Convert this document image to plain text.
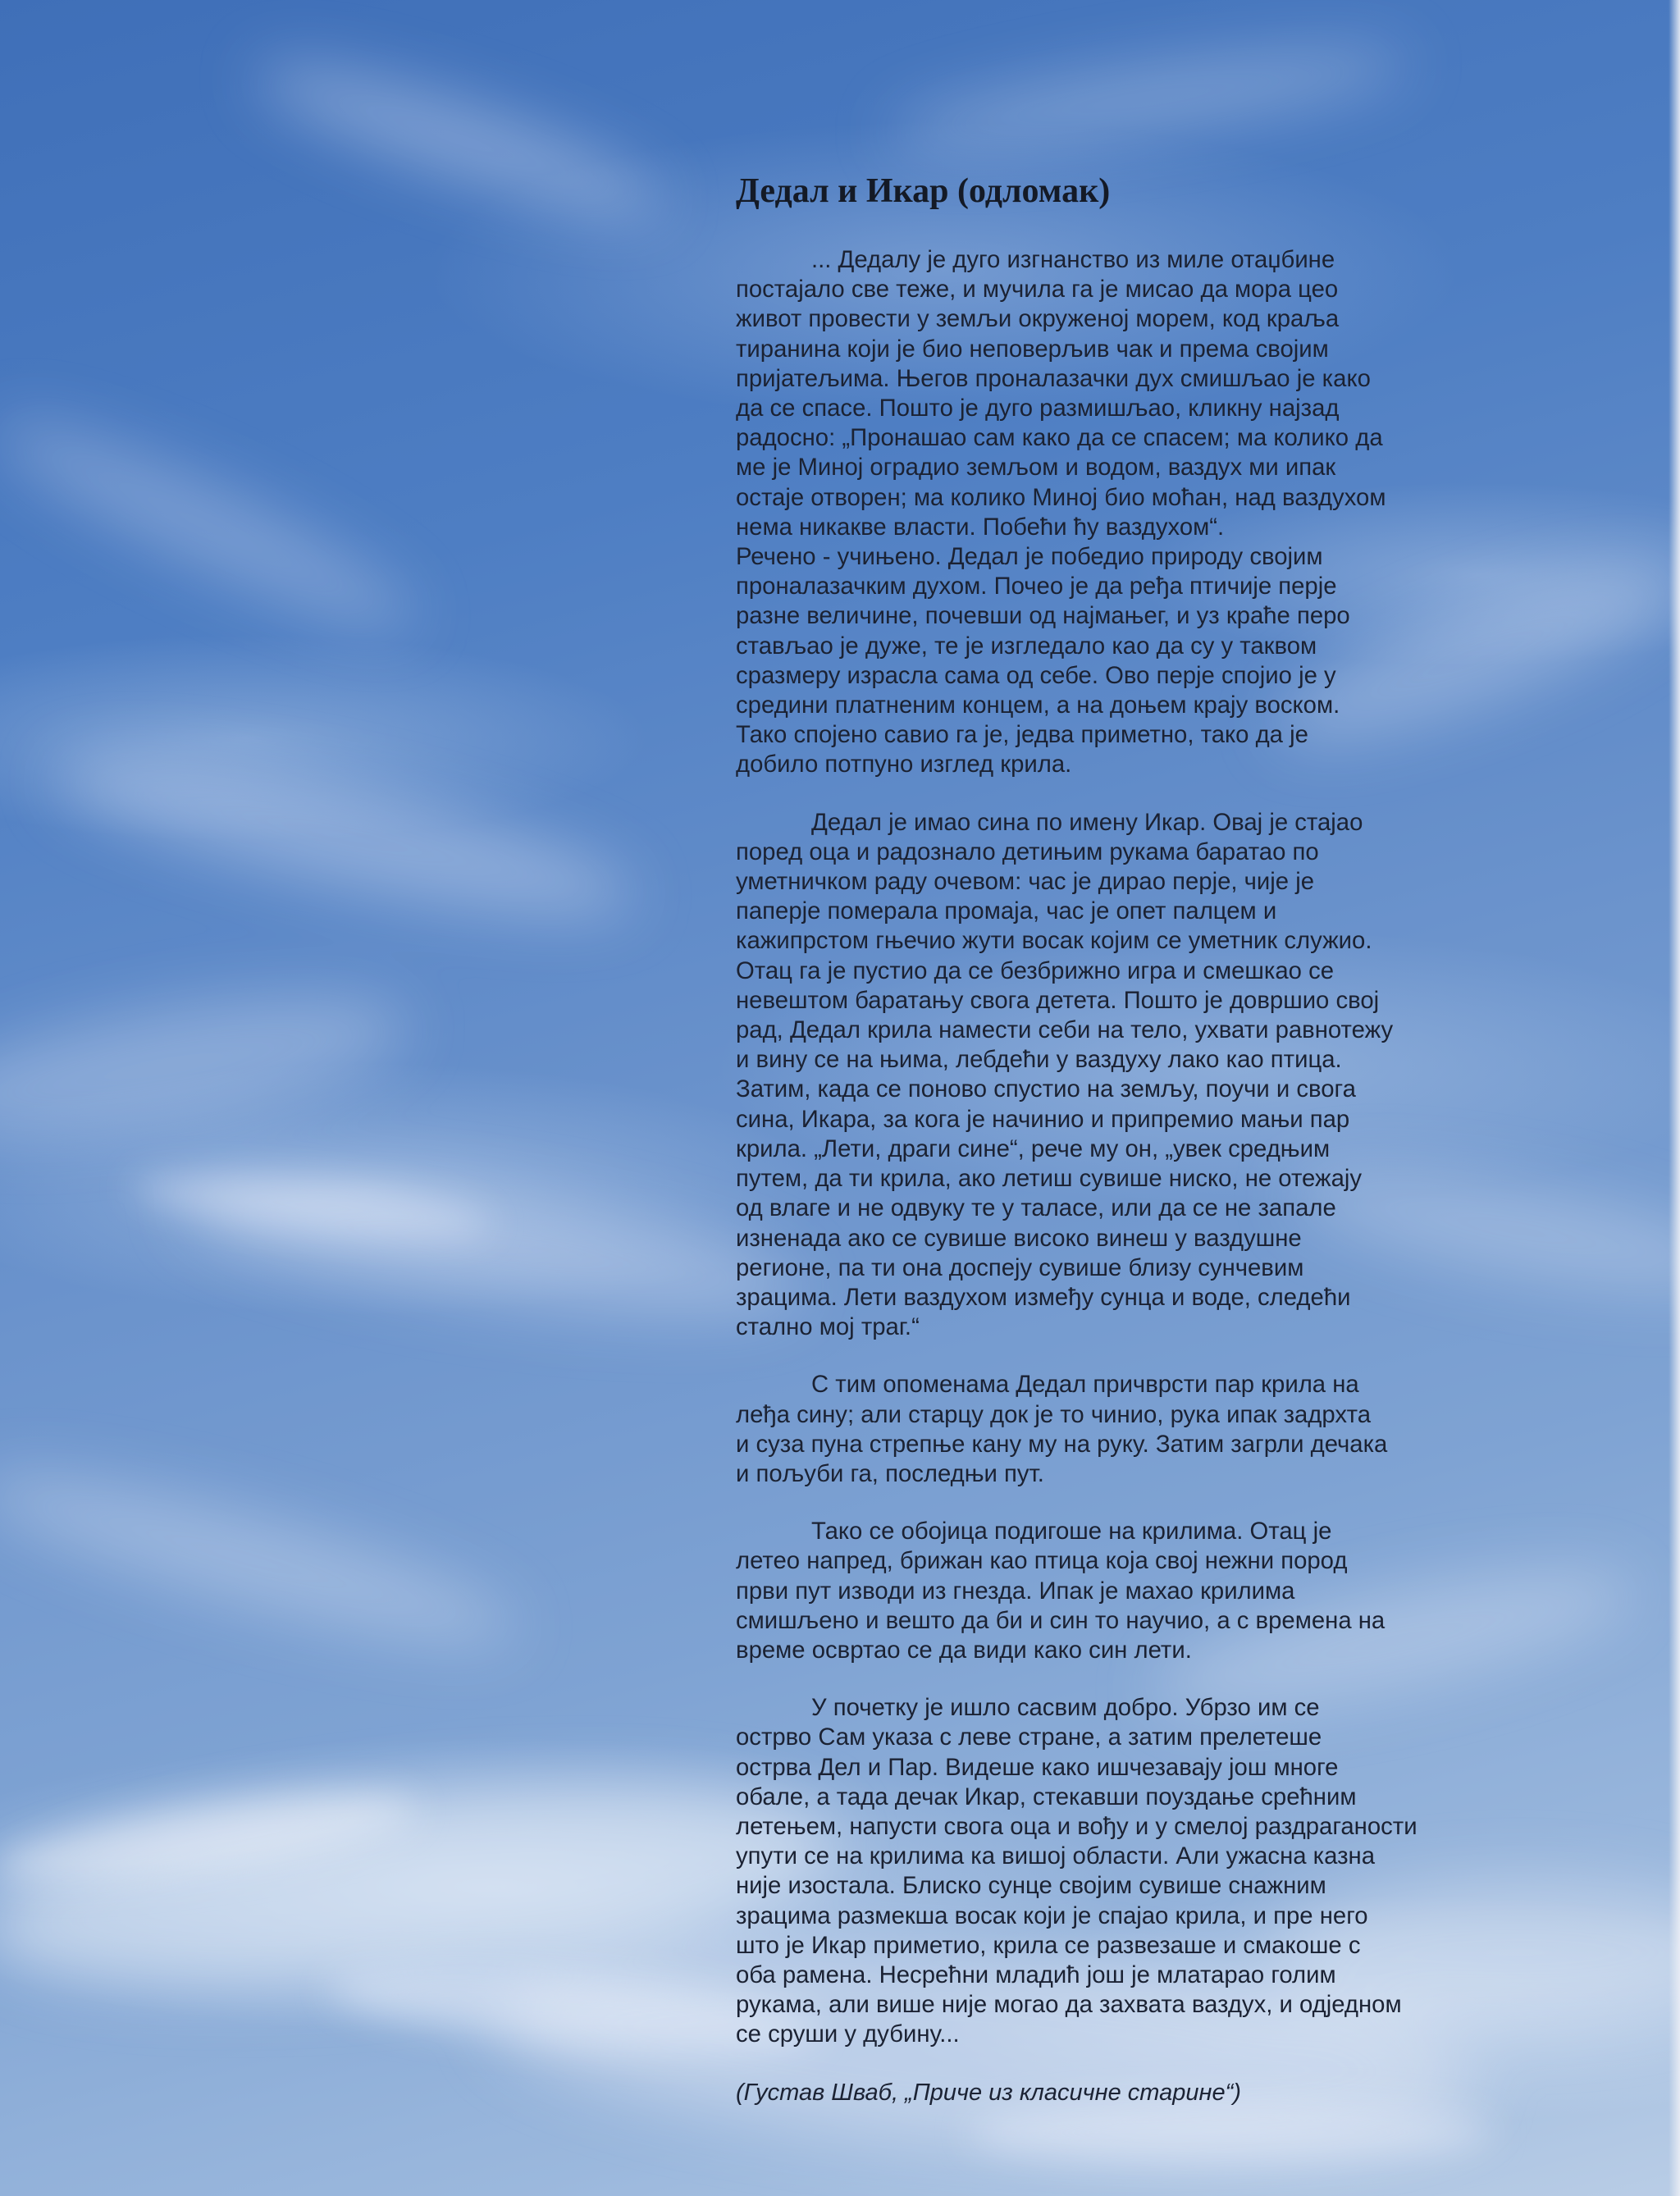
Дедал и Икар (одломак)

... Дедалу је дуго изгнанство из миле отаџбине
постајало све теже, и мучила га је мисао да мора цео
живот провести у земљи окруженој морем, код краља
тиранина који је био неповерљив чак и према својим
пријатељима. Његов проналазачки дух смишљао је како
да се спасе. Пошто је дуго размишљао, кликну најзад
радосно: „Пронашао сам како да се спасем; ма колико да
ме је Минoj оградио земљом и водом, ваздух ми ипак
остаје отворен; ма колико Минoj био моћан, над ваздухом
нема никакве власти. Побећи ћу ваздухом“.

Речено - учињено. Дедал је победио природу својим
проналазачким духом. Почео је да ређа птичије перје
разне величине, почевши од најмањег, и уз краће перо
стављао је дуже, те је изгледало као да су у таквом
сразмеру израсла сама од себе. Ово перје спојио је у
средини платненим концем, а на доњем крају воском.
Тако спојено савио га је, једва приметно, тако да је
добило потпуно изглед крила.

Дедал је имао сина по имену Икар. Овај је стајао
поред оца и радознало детињим рукама баратао по
уметничком раду очевом: час је дирао перје, чије је
паперје померала промаја, час је опет палцем и
кажипрстом гњечио жути восак којим се уметник служио.
Отац га је пустио да се безбрижно игра и смешкао се
невештом баратању свога детета. Пошто је довршио свој
рад, Дедал крила намести себи на тело, ухвати равнотежу
и вину се на њима, лебдећи у ваздуху лако као птица.
Затим, када се поново спустио на земљу, поучи и свога
сина, Икара, за кога је начинио и припремио мањи пар
крила. „Лети, драги сине“, рече му он, „увек средњим
путем, да ти крила, ако летиш сувише ниско, не отежају
од влаге и не одвуку те у таласе, или да се не запале
изненада ако се сувише високо винеш у ваздушне
регионе, па ти она доспеју сувише близу сунчевим
зрацима. Лети ваздухом између сунца и воде, следећи
стално мој траг.“

С тим опоменама Дедал причврсти пар крила на
леђа сину; али старцу док је то чинио, рука ипак задрхта
и суза пуна стрепње кану му на руку. Затим загрли дечака
и пољуби га, последњи пут.

Тако се обојица подигоше на крилима. Отац је
летео напред, брижан као птица која свој нежни пород
први пут изводи из гнезда. Ипак је махао крилима
смишљено и вешто да би и син то научио, а с времена на
време освртао се да види како син лети.

У почетку је ишло сасвим добро. Убрзо им се
острво Сам указа с леве стране, а затим прелетеше
острва Дел и Пар. Видеше како ишчезавају још многе
обале, а тада дечак Икар, стекавши поуздање срећним
летењем, напусти свога оца и вођу и у смелој раздраганости
упути се на крилима ка вишој области. Али ужасна казна
није изостала. Блиско сунце својим сувише снажним
зрацима размекша восак који је спајао крила, и пре него
што је Икар приметио, крила се развезаше и смакоше с
оба рамена. Несрећни младић још је млатарао голим
рукама, али више није могао да захвата ваздух, и одједном
се сруши у дубину...

(Густав Шваб, „Приче из класичне старине“)
